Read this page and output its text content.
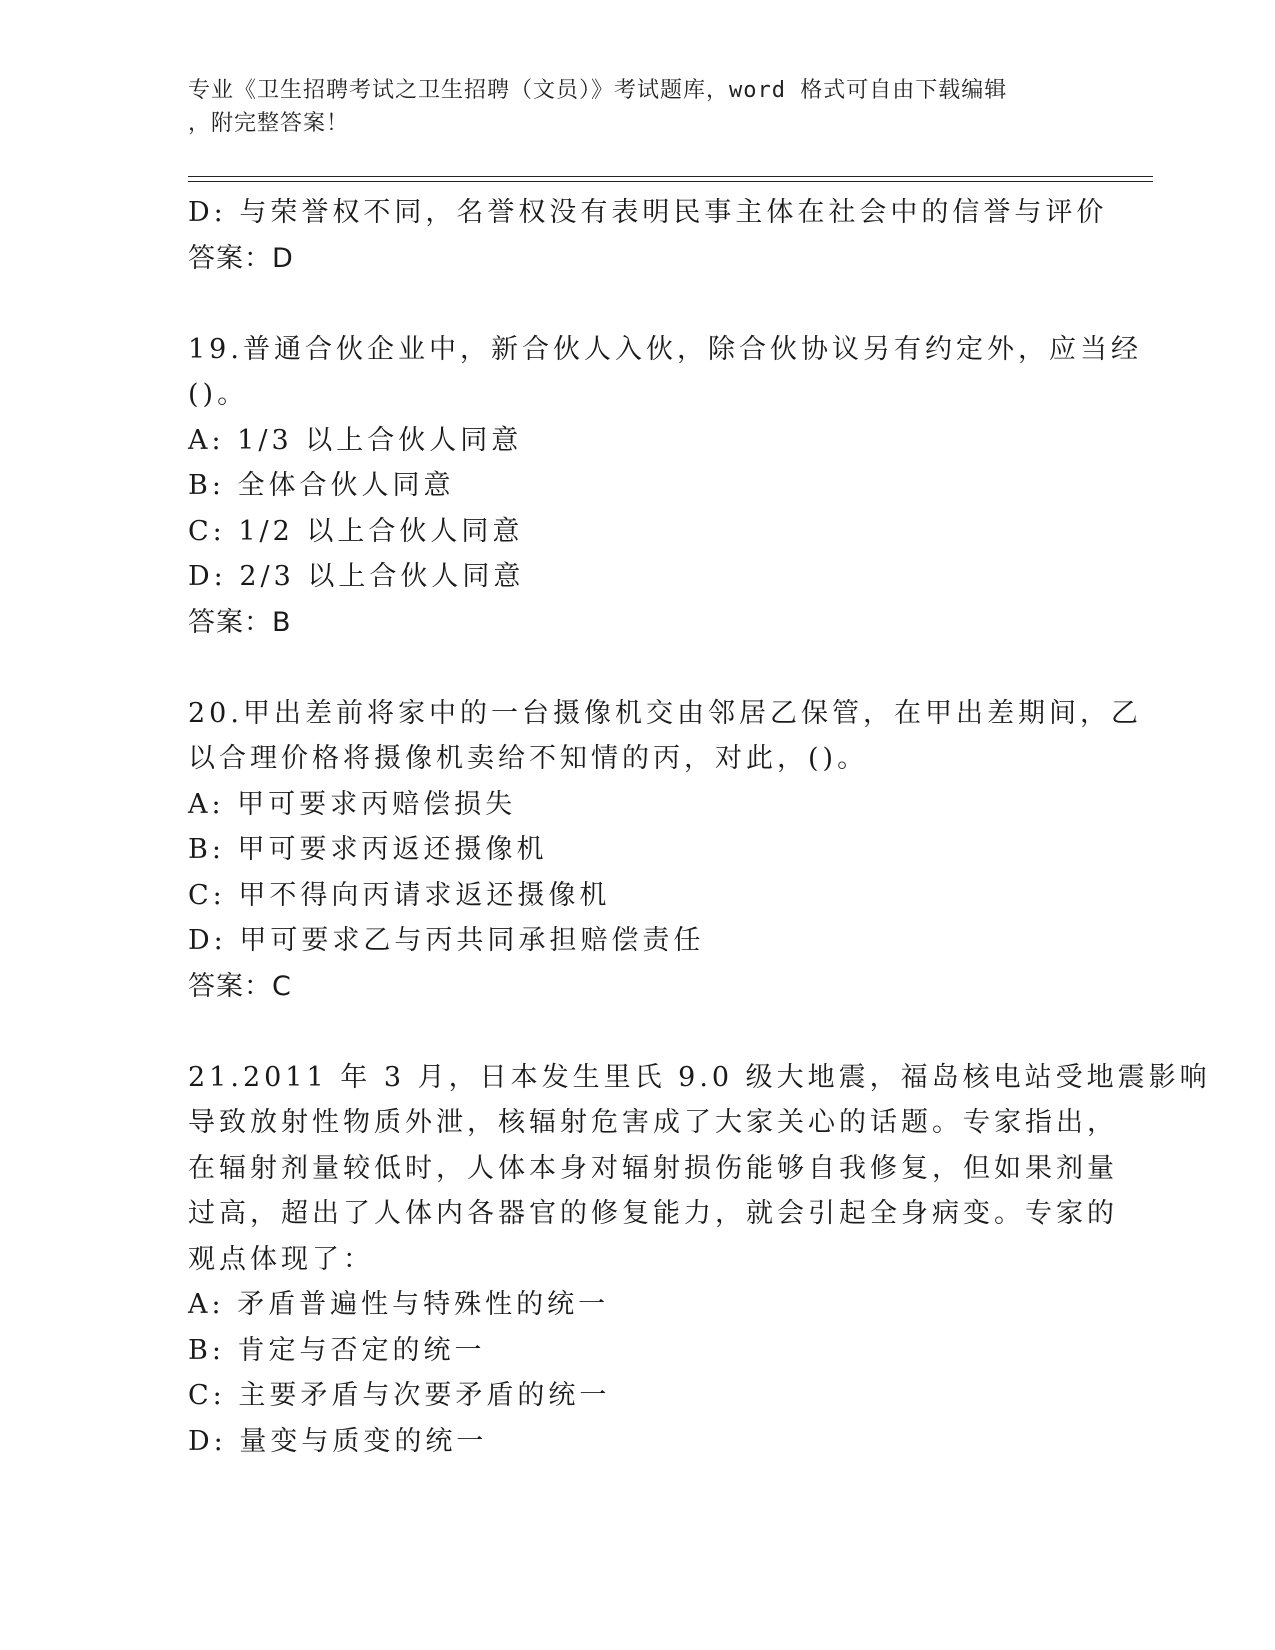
专业《卫生招聘考试之卫生招聘（文员）》考试题库，word 格式可自由下载编辑
，附完整答案！
D: 与荣誉权不同，名誉权没有表明民事主体在社会中的信誉与评价
答案：D
19.普通合伙企业中，新合伙人入伙，除合伙协议另有约定外，应当经
()。
A: 1/3 以上合伙人同意
B: 全体合伙人同意
C: 1/2 以上合伙人同意
D: 2/3 以上合伙人同意
答案：B
20.甲出差前将家中的一台摄像机交由邻居乙保管，在甲出差期间，乙
以合理价格将摄像机卖给不知情的丙，对此，()。
A: 甲可要求丙赔偿损失
B: 甲可要求丙返还摄像机
C: 甲不得向丙请求返还摄像机
D: 甲可要求乙与丙共同承担赔偿责任
答案：C
21.2011 年 3 月，日本发生里氏 9.0 级大地震，福岛核电站受地震影响
导致放射性物质外泄，核辐射危害成了大家关心的话题。专家指出，
在辐射剂量较低时，人体本身对辐射损伤能够自我修复，但如果剂量
过高，超出了人体内各器官的修复能力，就会引起全身病变。专家的
观点体现了：
A: 矛盾普遍性与特殊性的统一
B: 肯定与否定的统一
C: 主要矛盾与次要矛盾的统一
D: 量变与质变的统一
